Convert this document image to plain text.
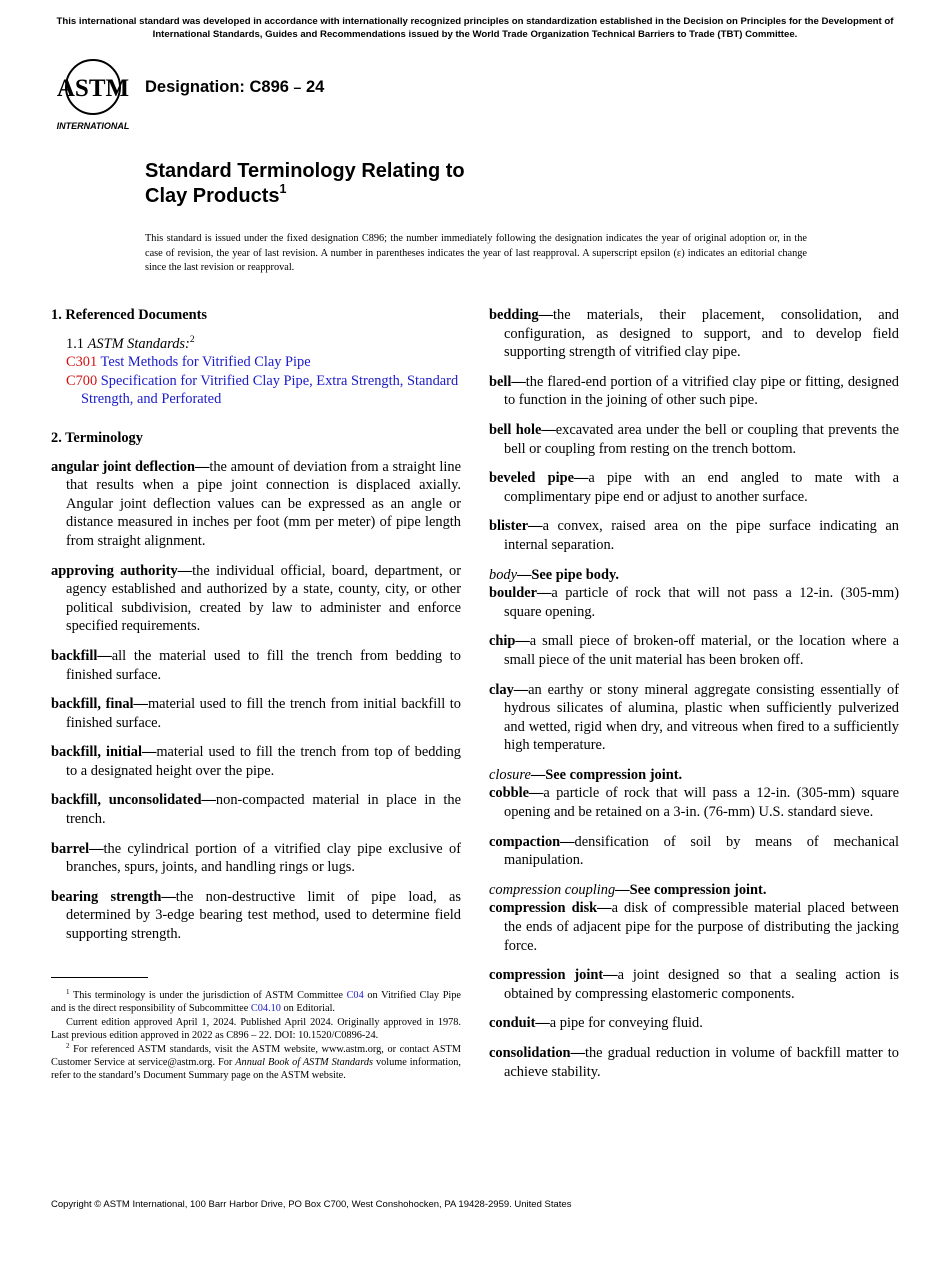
This international standard was developed in accordance with internationally recognized principles on standardization established in the Decision on Principles for the Development of International Standards, Guides and Recommendations issued by the World Trade Organization Technical Barriers to Trade (TBT) Committee.
ASTM
INTERNATIONAL
Designation: C896 – 24
Standard Terminology Relating to
Clay Products$^1$
This standard is issued under the fixed designation C896; the number immediately following the designation indicates the year of original adoption or, in the case of revision, the year of last revision. A number in parentheses indicates the year of last reapproval. A superscript epsilon (ε) indicates an editorial change since the last revision or reapproval.
1. Referenced Documents

1.1 ASTM Standards:$^2$

C301 Test Methods for Vitrified Clay Pipe

C700 Specification for Vitrified Clay Pipe, Extra Strength, Standard Strength, and Perforated

2. Terminology

angular joint deflection—the amount of deviation from a straight line that results when a pipe joint connection is displaced axially. Angular joint deflection values can be expressed as an angle or distance measured in inches per foot (mm per meter) of pipe length from straight alignment.

approving authority—the individual official, board, department, or agency established and authorized by a state, county, city, or other political subdivision, created by law to administer and enforce specified requirements.

backfill—all the material used to fill the trench from bedding to finished surface.

backfill, final—material used to fill the trench from initial backfill to finished surface.

backfill, initial—material used to fill the trench from top of bedding to a designated height over the pipe.

backfill, unconsolidated—non-compacted material in place in the trench.

barrel—the cylindrical portion of a vitrified clay pipe exclusive of branches, spurs, joints, and handling rings or lugs.

bearing strength—the non-destructive limit of pipe load, as determined by 3-edge bearing test method, used to determine field supporting strength.

bedding—the materials, their placement, consolidation, and configuration, as designed to support, and to develop field supporting strength of vitrified clay pipe.

bell—the flared-end portion of a vitrified clay pipe or fitting, designed to function in the joining of other such pipe.

bell hole—excavated area under the bell or coupling that prevents the bell or coupling from resting on the trench bottom.

beveled pipe—a pipe with an end angled to mate with a complimentary pipe end or adjust to another surface.

blister—a convex, raised area on the pipe surface indicating an internal separation.

body—See pipe body.

boulder—a particle of rock that will not pass a 12-in. (305-mm) square opening.

chip—a small piece of broken-off material, or the location where a small piece of the unit material has been broken off.

clay—an earthy or stony mineral aggregate consisting essentially of hydrous silicates of alumina, plastic when sufficiently pulverized and wetted, rigid when dry, and vitreous when fired to a sufficiently high temperature.

closure—See compression joint.

cobble—a particle of rock that will pass a 12-in. (305-mm) square opening and be retained on a 3-in. (76-mm) U.S. standard sieve.

compaction—densification of soil by means of mechanical manipulation.

compression coupling—See compression joint.

compression disk—a disk of compressible material placed between the ends of adjacent pipe for the purpose of distributing the jacking force.

compression joint—a joint designed so that a sealing action is obtained by compressing elastomeric components.

conduit—a pipe for conveying fluid.

consolidation—the gradual reduction in volume of backfill matter to achieve stability.

$^1$ This terminology is under the jurisdiction of ASTM Committee C04 on Vitrified Clay Pipe and is the direct responsibility of Subcommittee C04.10 on Editorial.

Current edition approved April 1, 2024. Published April 2024. Originally approved in 1978. Last previous edition approved in 2022 as C896 – 22. DOI: 10.1520/C0896-24.

$^2$ For referenced ASTM standards, visit the ASTM website, www.astm.org, or contact ASTM Customer Service at service@astm.org. For Annual Book of ASTM Standards volume information, refer to the standard’s Document Summary page on the ASTM website.

Copyright © ASTM International, 100 Barr Harbor Drive, PO Box C700, West Conshohocken, PA 19428-2959. United States
